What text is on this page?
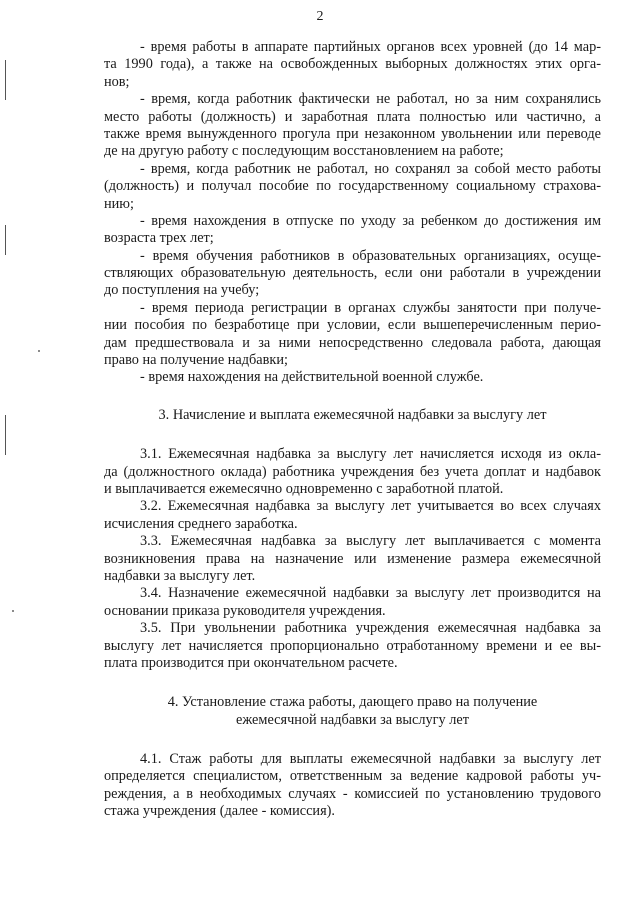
2
- время работы в аппарате партийных органов всех уровней (до 14 мар-
та 1990 года), а также на освобожденных выборных должностях этих орга-
нов;
- время, когда работник фактически не работал, но за ним сохранялись
место работы (должность) и заработная плата полностью или частично, а
также время вынужденного прогула при незаконном увольнении или переводе
де на другую работу с последующим восстановлением на работе;
- время, когда работник не работал, но сохранял за собой место работы
(должность) и получал пособие по государственному социальному страхова-
нию;
- время нахождения в отпуске по уходу за ребенком до достижения им
возраста трех лет;
- время обучения работников в образовательных организациях, осуще-
ствляющих образовательную деятельность, если они работали в учреждении
до поступления на учебу;
- время периода регистрации в органах службы занятости при получе-
нии пособия по безработице при условии, если вышеперечисленным перио-
дам предшествовала и за ними непосредственно следовала работа, дающая
право на получение надбавки;
- время нахождения на действительной военной службе.
3. Начисление и выплата ежемесячной надбавки за выслугу лет
3.1. Ежемесячная надбавка за выслугу лет начисляется исходя из окла-
да (должностного оклада) работника учреждения без учета доплат и надбавок
и выплачивается ежемесячно одновременно с заработной платой.
3.2. Ежемесячная надбавка за выслугу лет учитывается во всех случаях
исчисления среднего заработка.
3.3. Ежемесячная надбавка за выслугу лет выплачивается с момента
возникновения права на назначение или изменение размера ежемесячной
надбавки за выслугу лет.
3.4. Назначение ежемесячной надбавки за выслугу лет производится на
основании приказа руководителя учреждения.
3.5. При увольнении работника учреждения ежемесячная надбавка за
выслугу лет начисляется пропорционально отработанному времени и ее вы-
плата производится при окончательном расчете.
4. Установление стажа работы, дающего право на получение
ежемесячной надбавки за выслугу лет
4.1. Стаж работы для выплаты ежемесячной надбавки за выслугу лет
определяется специалистом, ответственным за ведение кадровой работы уч-
реждения, а в необходимых случаях - комиссией по установлению трудового
стажа учреждения (далее - комиссия).
